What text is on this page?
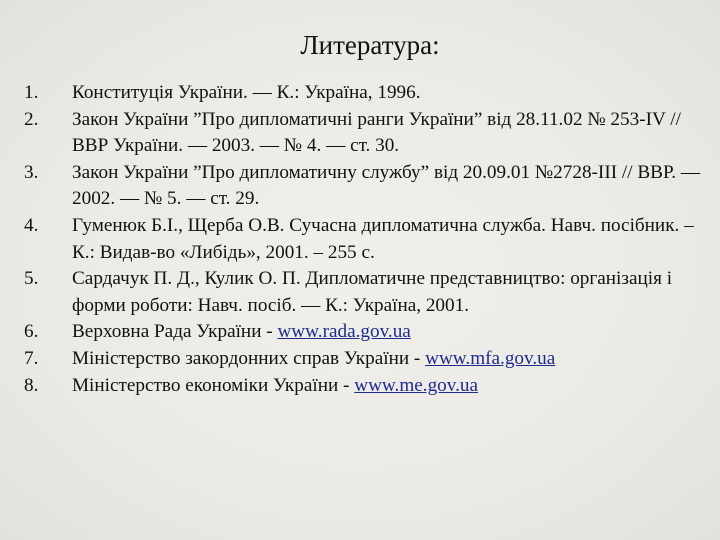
Литература:
1. Конституція України. — К.: Україна, 1996.
2. Закон України ”Про дипломатичні ранги України” від 28.11.02 № 253-IV // ВВР України. — 2003. — № 4. — ст. 30.
3. Закон України ”Про дипломатичну службу” від 20.09.01 №2728-III // ВВР. — 2002. — № 5. — ст. 29.
4. Гуменюк Б.І., Щерба О.В. Сучасна дипломатична служба. Навч. посібник. – К.: Видав-во «Либідь», 2001. – 255 с.
5. Сардачук П. Д., Кулик О. П. Дипломатичне представництво: організація і форми роботи: Навч. посіб. — К.: Україна, 2001.
6. Верховна Рада України - www.rada.gov.ua
7. Міністерство закордонних справ України - www.mfa.gov.ua
8. Міністерство економіки України - www.me.gov.ua
